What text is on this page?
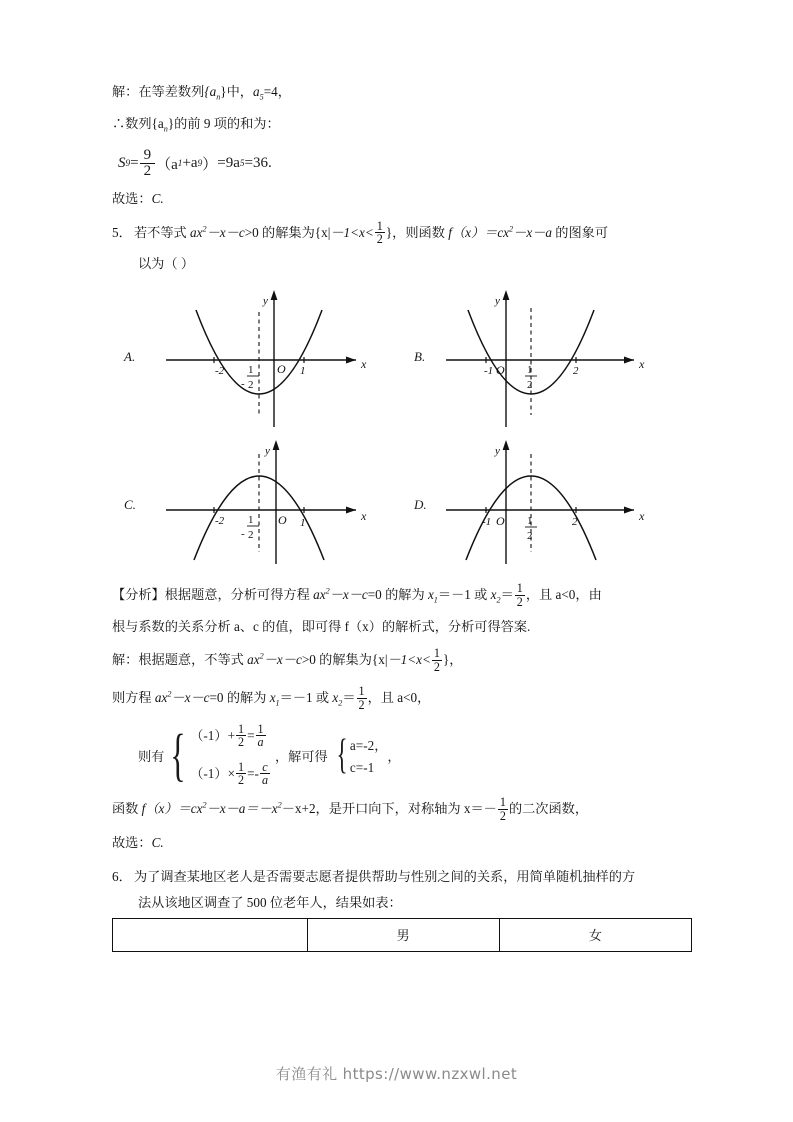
解：在等差数列$\{a_n\}$中，$a_5=4$，
∴数列$\{a_n\}$的前 9 项的和为：
S $9 = \frac{9}{2} (a$ 1 +a 9 ） =9a 5 =36.
故选：C.
5． 若不等式 $ax^2-x-c>0$ 的解集为{$x|-1<x< \frac{1}{2}$ }，则函数 $f(x)=cx^2-x-a$ 的图象可
以为（ ）
A.
-2	1
O	x
y
1
- 2
B.
-1	2
O	x
y
1
2
C.
-2	1
O	x
y
1
- 2
D.
-1	2
O	x
y
1
2
【分析】根据题意，分析可得方程 $ax^2-x-c=0$ 的解为 $x_1=-1$ 或 $x_2= \frac{1}{2}$ ，且 a<0，由
根与系数的关系分析 a、c 的值，即可得 f（x）的解析式，分析可得答案.
解：根据题意，不等式 $ax^2-x-c>0$ 的解集为{$x|-1<x< \frac{1}{2}$ }，
则方程 $ax^2-x-c=0$ 的解为 $x_1=-1$ 或 $x_2= \frac{1}{2}$ ，且 a<0，
则有 { $(-1)+ \frac{1}{2} = \frac{1}{a}$
$(-1)\times \frac{1}{2} =- \frac{c}{a}$
，解可得 { a=-2，
c=-1
，
函数 $f(x)=cx^2-x-a=-x^2-x+2$，是开口向下，对称轴为 $x=- \frac{1}{2}$ 的二次函数，
故选：C.
6． 为了调查某地区老人是否需要志愿者提供帮助与性别之间的关系，用简单随机抽样的方
法从该地区调查了 500 位老年人，结果如表：
	男	女
有渔有礼 https://www.nzxwl.net
